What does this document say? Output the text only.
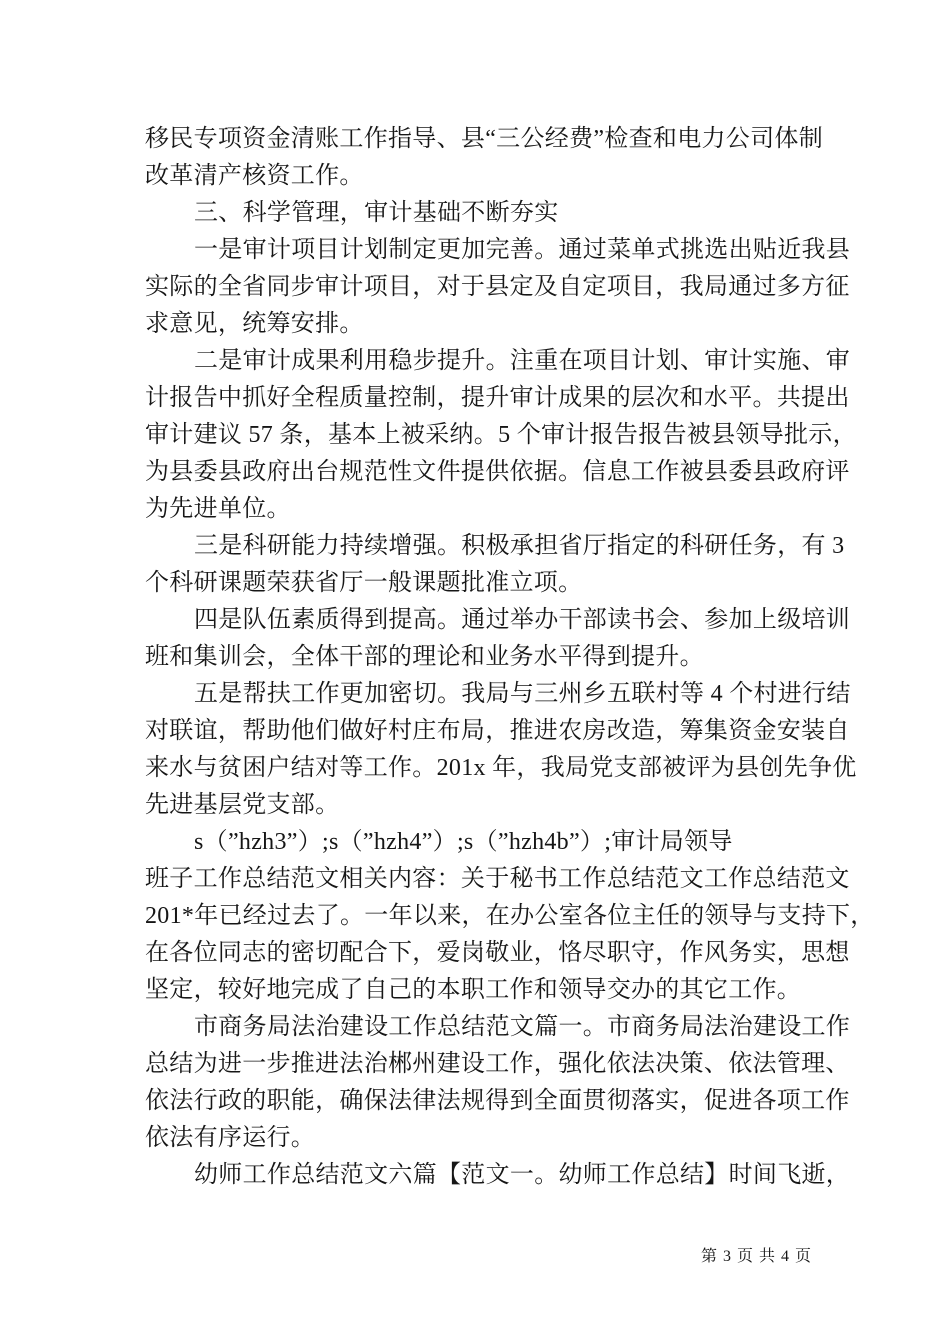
移民专项资金清账工作指导、县“三公经费”检查和电力公司体制
改革清产核资工作。
三、科学管理，审计基础不断夯实
一是审计项目计划制定更加完善。通过菜单式挑选出贴近我县
实际的全省同步审计项目，对于县定及自定项目，我局通过多方征
求意见，统筹安排。
二是审计成果利用稳步提升。注重在项目计划、审计实施、审
计报告中抓好全程质量控制，提升审计成果的层次和水平。共提出
审计建议 57 条，基本上被采纳。5 个审计报告报告被县领导批示，
为县委县政府出台规范性文件提供依据。信息工作被县委县政府评
为先进单位。
三是科研能力持续增强。积极承担省厅指定的科研任务，有 3
个科研课题荣获省厅一般课题批准立项。
四是队伍素质得到提高。通过举办干部读书会、参加上级培训
班和集训会，全体干部的理论和业务水平得到提升。
五是帮扶工作更加密切。我局与三州乡五联村等 4 个村进行结
对联谊，帮助他们做好村庄布局，推进农房改造，筹集资金安装自
来水与贫困户结对等工作。201x 年，我局党支部被评为县创先争优
先进基层党支部。
s（”hzh3”）;s（”hzh4”）;s（”hzh4b”）;审计局领导
班子工作总结范文相关内容：关于秘书工作总结范文工作总结范文
201*年已经过去了。一年以来，在办公室各位主任的领导与支持下，
在各位同志的密切配合下，爱岗敬业，恪尽职守，作风务实，思想
坚定，较好地完成了自己的本职工作和领导交办的其它工作。
市商务局法治建设工作总结范文篇一。市商务局法治建设工作
总结为进一步推进法治郴州建设工作，强化依法决策、依法管理、
依法行政的职能，确保法律法规得到全面贯彻落实，促进各项工作
依法有序运行。
幼师工作总结范文六篇【范文一。幼师工作总结】时间飞逝，
第 3 页 共 4 页
